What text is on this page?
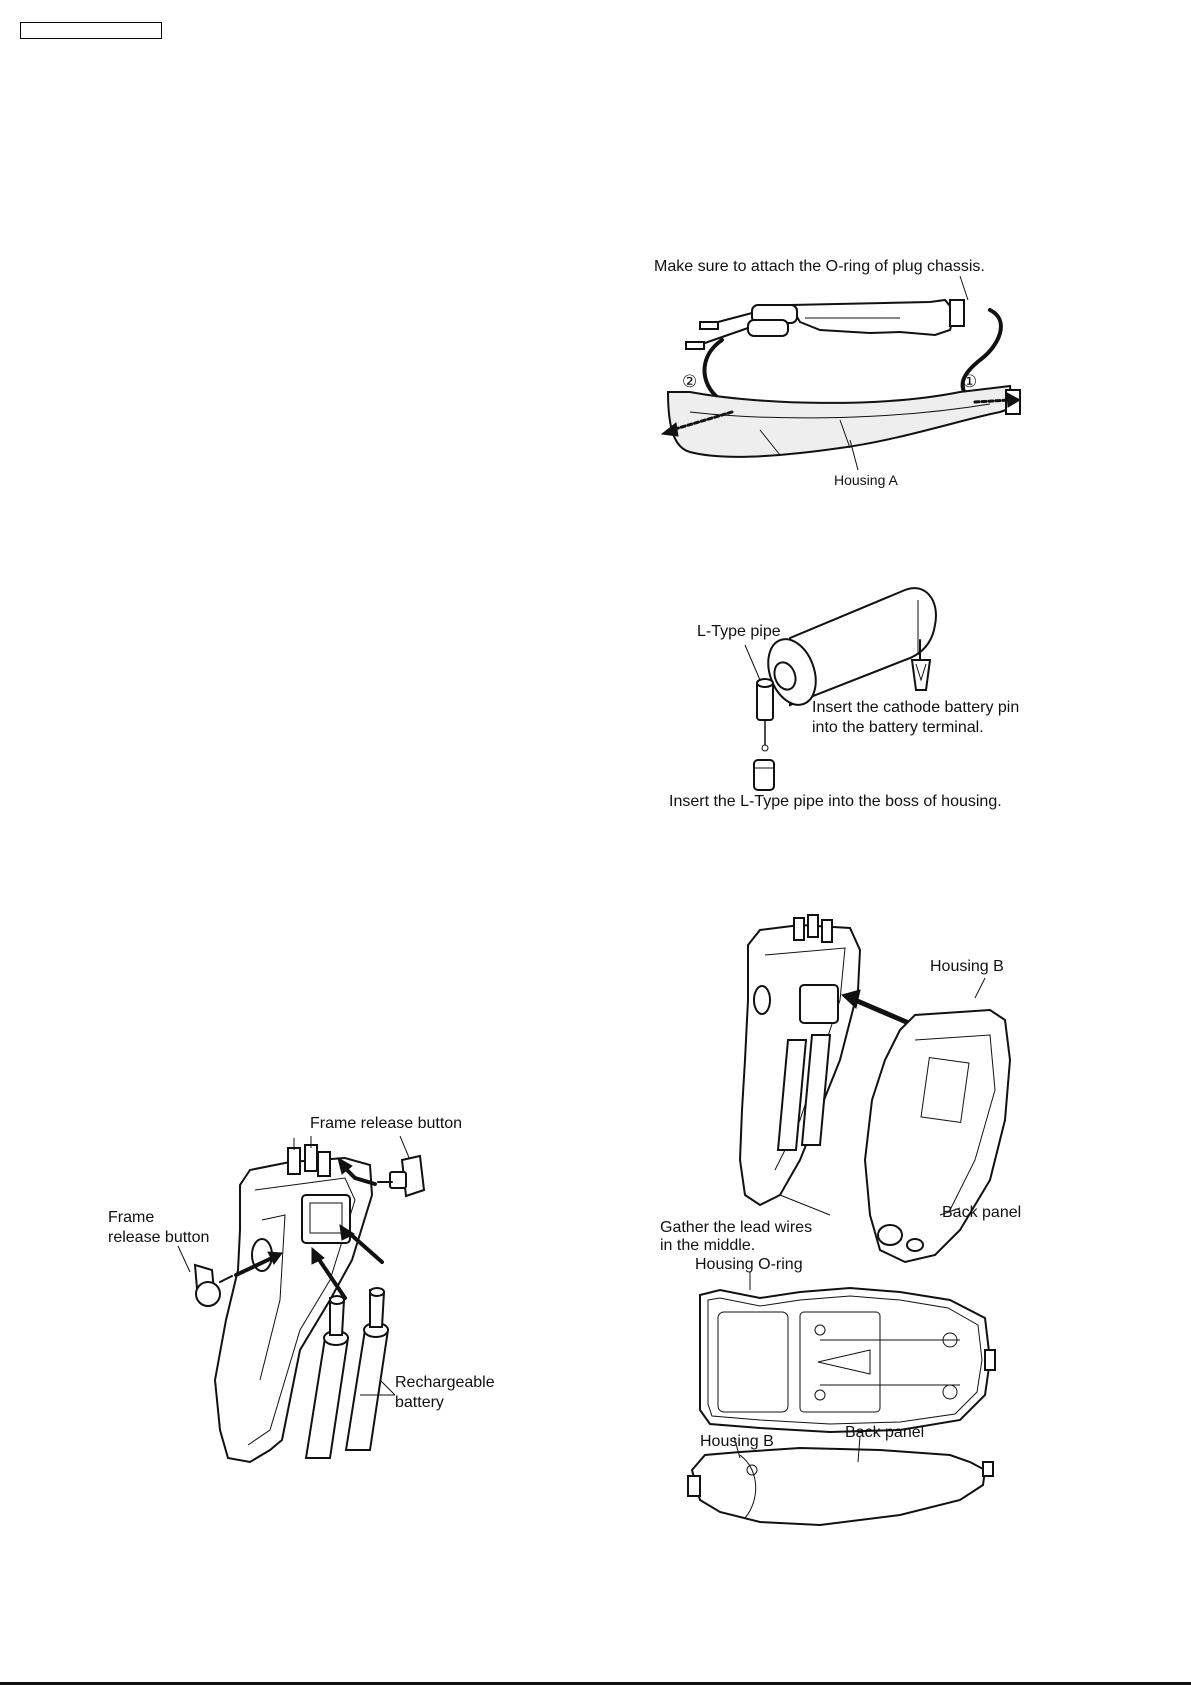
Make sure to attach the O-ring of plug chassis.
②	①
Housing A
L-Type pipe
Insert the cathode battery pin
into the battery terminal.
Insert the L-Type pipe into the boss of housing.
Frame release button
Frame
release button
Rechargeable
battery
Housing B
Gather the lead wires
in the middle.
Back panel
Housing O-ring
Housing B
Back panel
